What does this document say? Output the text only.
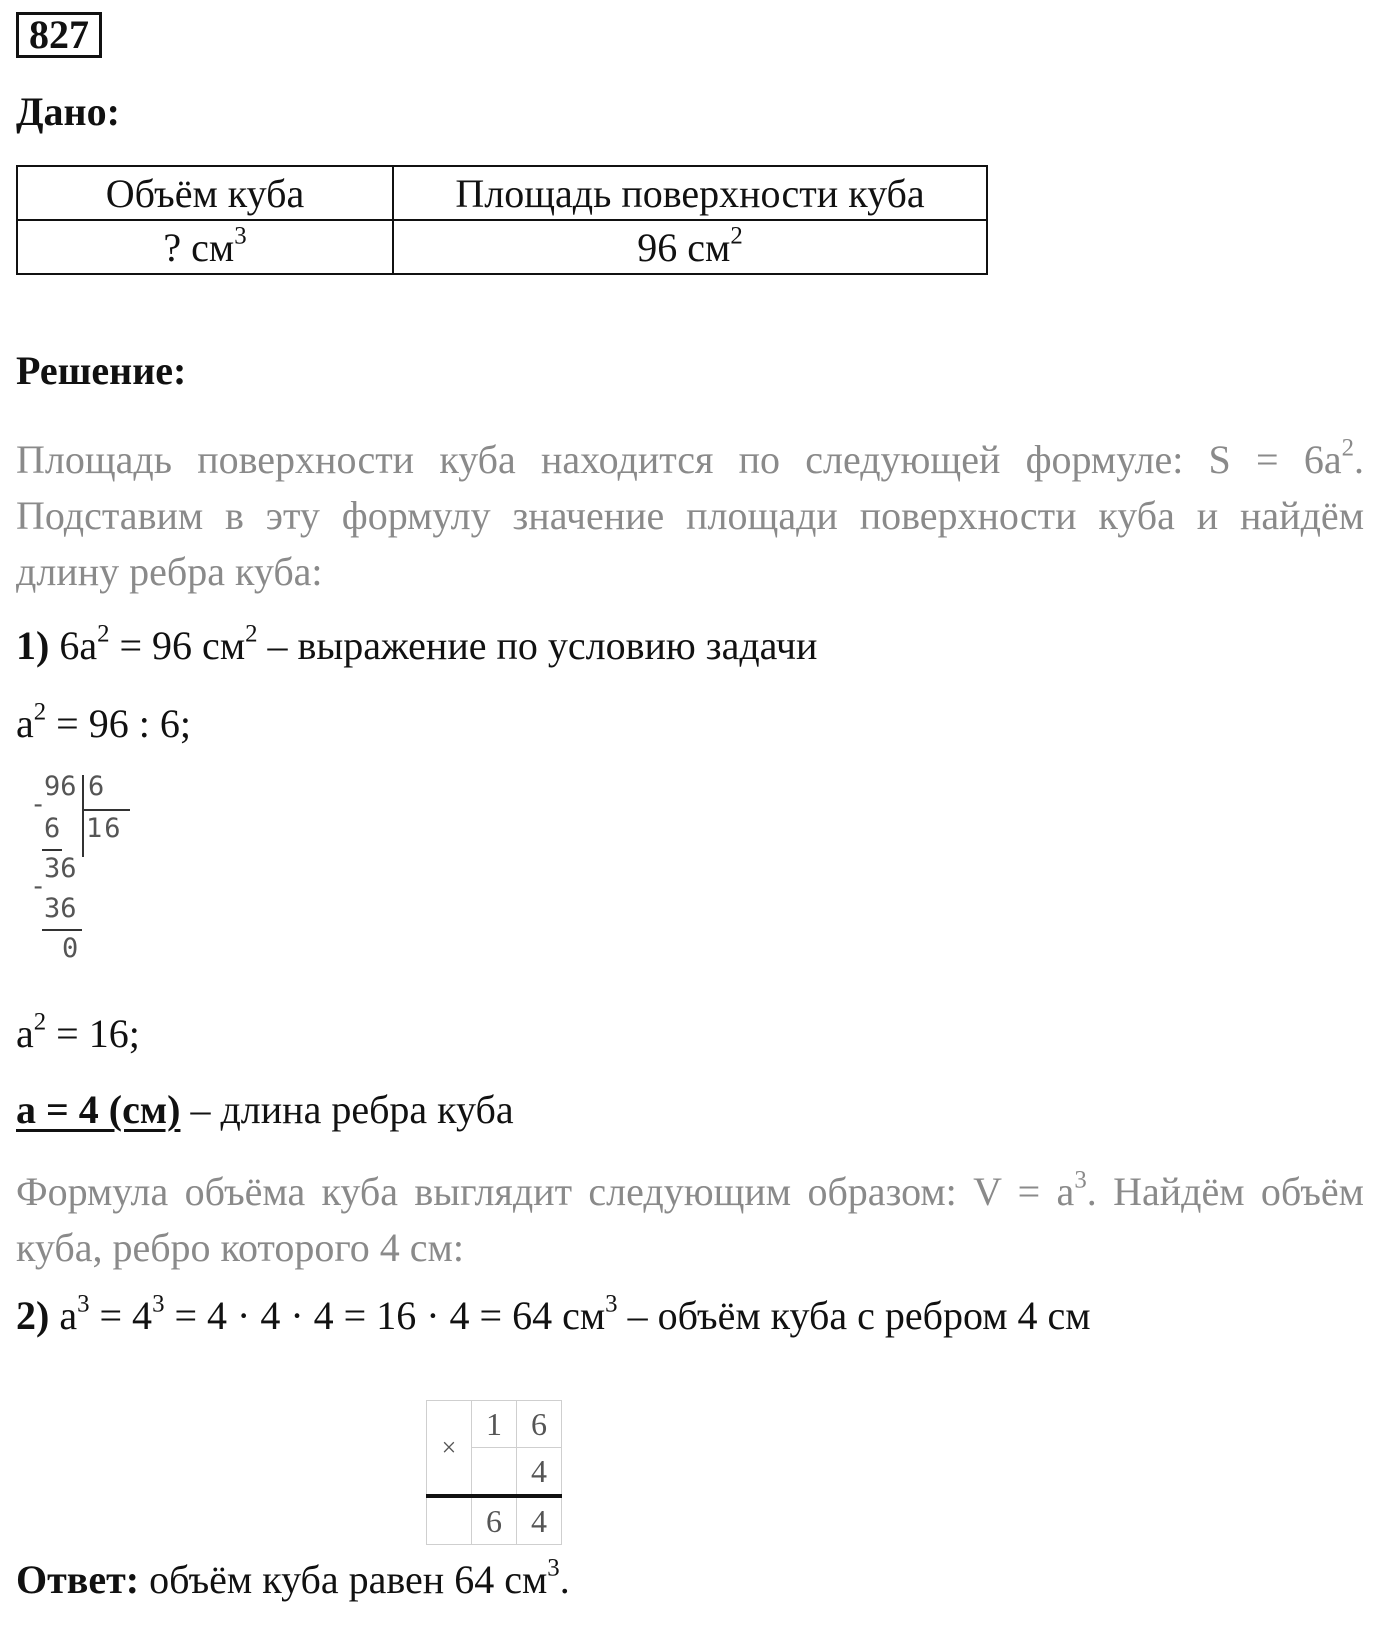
827
Дано:
Объём куба	Площадь поверхности куба
? $см^3$	96 $см^2$
Решение:
Площадь поверхности куба находится по следующей формуле: $S = 6a^2$. Подставим в эту формулу значение площади поверхности куба и найдём длину ребра куба:
1) $6a^2 = 96$ $см^2$ – выражение по условию задачи
$a^2 = 96$ : 6;
96 6
-
6 16
36
-
36
0
$a^2 = 16$;
a = 4 (см) – длина ребра куба
Формула объёма куба выглядит следующим образом: $V = a^3$. Найдём объём куба, ребро которого 4 см:
2) $a^3 = 4^3 = 4 \cdot 4 \cdot 4 = 16 \cdot 4 = 64$ $см^3$ – объём куба с ребром 4 см
×	1	6
		4
	6	4
Ответ: объём куба равен 64 $см^3$.
